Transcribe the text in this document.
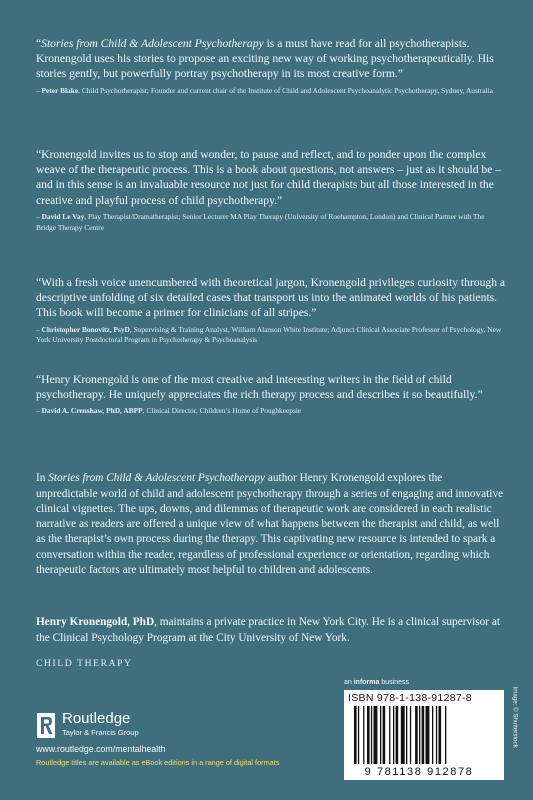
“Stories from Child & Adolescent Psychotherapy is a must have read for all psychotherapists. Kronengold uses his stories to propose an exciting new way of working psychotherapeutically. His stories gently, but powerfully portray psychotherapy in its most creative form.”

– Peter Blake, Child Psychotherapist; Founder and current chair of the Institute of Child and Adolescent Psychoanalytic Psychotherapy, Sydney, Australia

“Kronengold invites us to stop and wonder, to pause and reflect, and to ponder upon the complex weave of the therapeutic process. This is a book about questions, not answers – just as it should be – and in this sense is an invaluable resource not just for child therapists but all those interested in the creative and playful process of child psychotherapy.”

– David Le Vay, Play Therapist/Dramatherapist; Senior Lecturer MA Play Therapy (University of Roehampton, London) and Clinical Partner with The Bridge Therapy Centre

“With a fresh voice unencumbered with theoretical jargon, Kronengold privileges curiosity through a descriptive unfolding of six detailed cases that transport us into the animated worlds of his patients. This book will become a primer for clinicians of all stripes.”

– Christopher Bonovitz, PsyD, Supervising & Training Analyst, William Alanson White Institute; Adjunct Clinical Associate Professor of Psychology, New York University Postdoctoral Program in Psychotherapy & Psychoanalysis

“Henry Kronengold is one of the most creative and interesting writers in the field of child psychotherapy. He uniquely appreciates the rich therapy process and describes it so beautifully.”

– David A. Crenshaw, PhD, ABPP, Clinical Director, Children’s Home of Poughkeepsie

In Stories from Child & Adolescent Psychotherapy author Henry Kronengold explores the unpredictable world of child and adolescent psychotherapy through a series of engaging and innovative clinical vignettes. The ups, downs, and dilemmas of therapeutic work are considered in each realistic narrative as readers are offered a unique view of what happens between the therapist and child, as well as the therapist’s own process during the therapy. This captivating new resource is intended to spark a conversation within the reader, regardless of professional experience or orientation, regarding which therapeutic factors are ultimately most helpful to children and adolescents.

Henry Kronengold, PhD, maintains a private practice in New York City. He is a clinical supervisor at the Clinical Psychology Program at the City University of New York.

CHILD THERAPY
an informa business
ISBN 978-1-138-91287-8
9 781138 912878
Image: © Shutterstock
Routledge
Taylor & Francis Group
www.routledge.com/mentalhealth
Routledge titles are available as eBook editions in a range of digital formats
